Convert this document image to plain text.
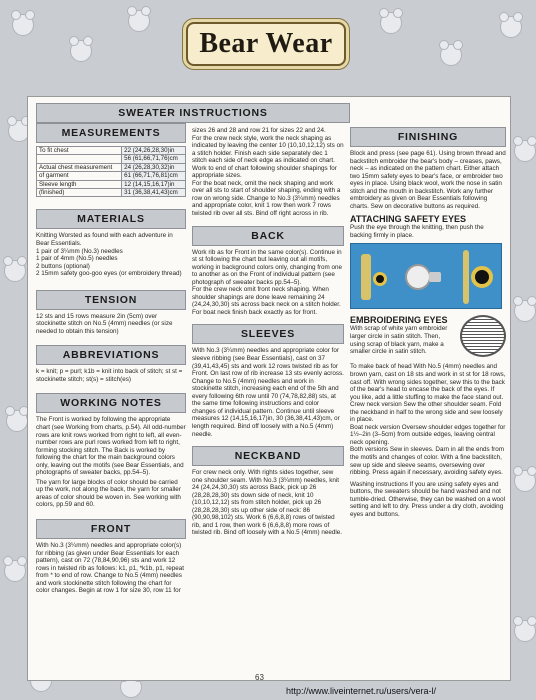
Bear Wear
MEASUREMENTS
To fit chest	22 (24,26,28,30)in
	56 (61,66,71,76)cm
Actual chest measurement	24 (26,28,30,32)in
of garment	61 (66,71,76,81)cm
Sleeve length	12 (14,15,16,17)in
(finished)	31 (36,38,41,43)cm
MATERIALS
Knitting Worsted as found with each adventure in Bear Essentials.
1 pair of 3¼mm (No.3) needles
1 pair of 4mm (No.5) needles
2 buttons (optional)
2 15mm safety goo-goo eyes (or embroidery thread)
TENSION
12 sts and 15 rows measure 2in (5cm) over stockinette stitch on No.5 (4mm) needles (or size needed to obtain this tension)
ABBREVIATIONS
k = knit; p = purl; k1b = knit into back of stitch; st st = stockinette stitch; st(s) = stitch(es)
WORKING NOTES
The Front is worked by following the appropriate chart (see Working from charts, p.54). All odd-number rows are knit rows worked from right to left, all even-number rows are purl rows worked from left to right, forming stocking stitch. The Back is worked by following the chart for the main background colors only, leaving out the motifs (see Bear Essentials, and photographs of sweater backs, pp.54–5).
The yarn for large blocks of color should be carried up the work, not along the back, the yarn for smaller areas of color should be woven in. See working with colors, pp.59 and 60.
FRONT
With No.3 (3¼mm) needles and appropriate color(s) for ribbing (as given under Bear Essentials for each pattern), cast on 72 (78,84,90,96) sts and work 12 rows in twisted rib as follows: k1, p1, *k1b, p1, repeat from * to end of row. Change to No.5 (4mm) needles and work stockinette stitch following the chart for color changes. Begin at row 1 for size 30, row 11 for
SWEATER INSTRUCTIONS
sizes 26 and 28 and row 21 for sizes 22 and 24.
For the crew neck style, work the neck shaping as indicated by leaving the center 10 (10,10,12,12) sts on a stitch holder. Finish each side separately dec 1 stitch each side of neck edge as indicated on chart. Work to end of chart following shoulder shapings for appropriate sizes.
For the boat neck, omit the neck shaping and work over all sts to start of shoulder shaping, ending with a row on wrong side. Change to No.3 (3¼mm) needles and appropriate color, knit 1 row then work 7 rows twisted rib over all sts. Bind off right across in rib.
BACK
Work rib as for Front in the same color(s). Continue in st st following the chart but leaving out all motifs, working in background colors only, changing from one to another as on the Front of individual pattern (see photograph of sweater backs pp.54–5).
For the crew neck omit front neck shaping. When shoulder shapings are done leave remaining 24 (24,24,30,30) sts across back neck on a stitch holder.
For boat neck finish back exactly as for front.
SLEEVES
With No.3 (3¼mm) needles and appropriate color for sleeve ribbing (see Bear Essentials), cast on 37 (39,41,43,45) sts and work 12 rows twisted rib as for Front. On last row of rib increase 13 sts evenly across. Change to No.5 (4mm) needles and work in stockinette stitch, increasing each end of the 5th and every following 6th row until 70 (74,78,82,88) sts, at the same time following instructions and color changes of individual pattern. Continue until sleeve measures 12 (14,15,16,17)in, 30 (36,38,41,43)cm, or length required. Bind off loosely with a No.5 (4mm) needle.
NECKBAND
For crew neck only. With rights sides together, sew one shoulder seam. With No.3 (3¼mm) needles, knit 24 (24,24,30,30) sts across Back, pick up 26 (28,28,28,30) sts down side of neck, knit 10 (10,10,12,12) sts from stitch holder, pick up 26 (28,28,28,30) sts up other side of neck: 86 (90,90,98,102) sts. Work 6 (6,6,8,8) rows of twisted rib, and 1 row, then work 6 (6,6,8,8) more rows of twisted rib. Bind off loosely with a No.5 (4mm) needle.
FINISHING
Block and press (see page 61). Using brown thread and backstitch embroider the bear's body – creases, paws, neck – as indicated on the pattern chart. Either attach two 15mm safety eyes to bear's face, or embroider two eyes in place. Using black wool, work the nose in satin stitch and the mouth in backstitch. Work any further embroidery as given on Bear Essentials following charts. Sew on decorative buttons as required.
ATTACHING SAFETY EYES
Push the eye through the knitting, then push the backing firmly in place.
EMBROIDERING EYES
With scrap of white yarn embroider larger circle in satin stitch. Then, using scrap of black yarn, make a smaller circle in satin stitch.
To make back of head With No.5 (4mm) needles and brown yarn, cast on 18 sts and work in st st for 18 rows, cast off. With wrong sides together, sew this to the back of the bear's head to encase the back of the eyes. If you like, add a little stuffing to make the face stand out.
Crew neck version Sew the other shoulder seam. Fold the neckband in half to the wrong side and sew loosely in place.
Boat neck version Oversew shoulder edges together for 1½–2in (3–5cm) from outside edges, leaving central neck opening.
Both versions Sew in sleeves. Darn in all the ends from the motifs and changes of color. With a fine backstitch, sew up side and sleeve seams, oversewing over ribbing. Press again if necessary, avoiding safety eyes.
Washing instructions If you are using safety eyes and buttons, the sweaters should be hand washed and not tumble-dried. Otherwise, they can be washed on a wool setting and left to dry. Press under a dry cloth, avoiding eyes and buttons.
63
http://www.liveinternet.ru/users/vera-l/
